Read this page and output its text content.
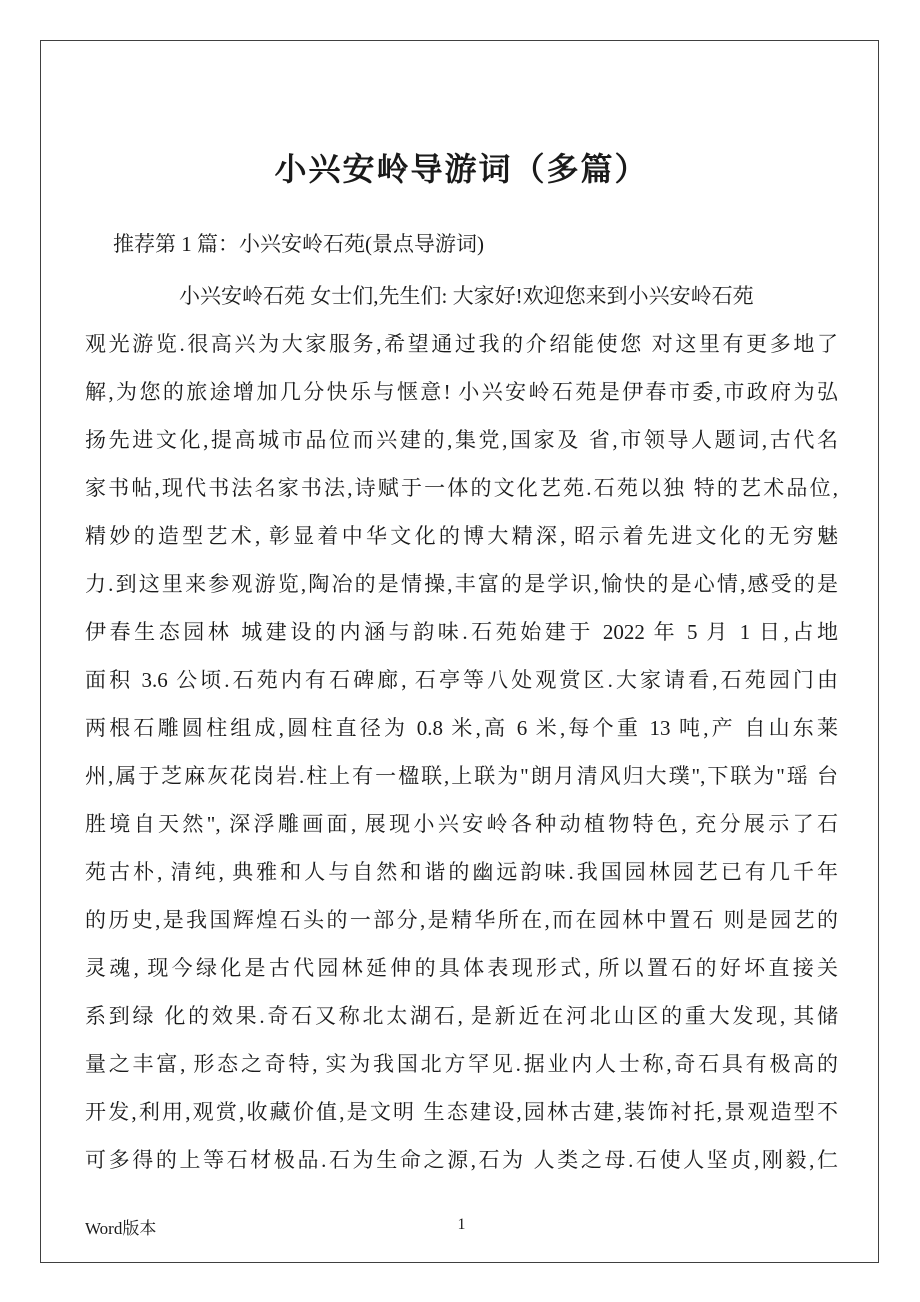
小兴安岭导游词（多篇）

推荐第 1 篇：小兴安岭石苑(景点导游词)

小兴安岭石苑 女士们,先生们: 大家好!欢迎您来到小兴安岭石苑
观光游览.很高兴为大家服务,希望通过我的介绍能使您 对这里有更多地了
解,为您的旅途增加几分快乐与惬意! 小兴安岭石苑是伊春市委,市政府为弘
扬先进文化,提高城市品位而兴建的,集党,国家及 省,市领导人题词,古代名
家书帖,现代书法名家书法,诗赋于一体的文化艺苑.石苑以独 特的艺术品位,
精妙的造型艺术, 彰显着中华文化的博大精深, 昭示着先进文化的无穷魅
力.到这里来参观游览,陶冶的是情操,丰富的是学识,愉快的是心情,感受的是
伊春生态园林 城建设的内涵与韵味.石苑始建于 2022 年 5 月 1 日,占地
面积 3.6 公顷.石苑内有石碑廊, 石亭等八处观赏区.大家请看,石苑园门由
两根石雕圆柱组成,圆柱直径为 0.8 米,高 6 米,每个重 13 吨,产 自山东莱
州,属于芝麻灰花岗岩.柱上有一楹联,上联为"朗月清风归大璞",下联为"瑶 台
胜境自天然", 深浮雕画面, 展现小兴安岭各种动植物特色, 充分展示了石
苑古朴, 清纯, 典雅和人与自然和谐的幽远韵味.我国园林园艺已有几千年
的历史,是我国辉煌石头的一部分,是精华所在,而在园林中置石 则是园艺的
灵魂, 现今绿化是古代园林延伸的具体表现形式, 所以置石的好坏直接关
系到绿 化的效果.奇石又称北太湖石, 是新近在河北山区的重大发现, 其储
量之丰富, 形态之奇特, 实为我国北方罕见.据业内人士称,奇石具有极高的
开发,利用,观赏,收藏价值,是文明 生态建设,园林古建,装饰衬托,景观造型不
可多得的上等石材极品.石为生命之源,石为 人类之母.石使人坚贞,刚毅,仁
Word版本	1
